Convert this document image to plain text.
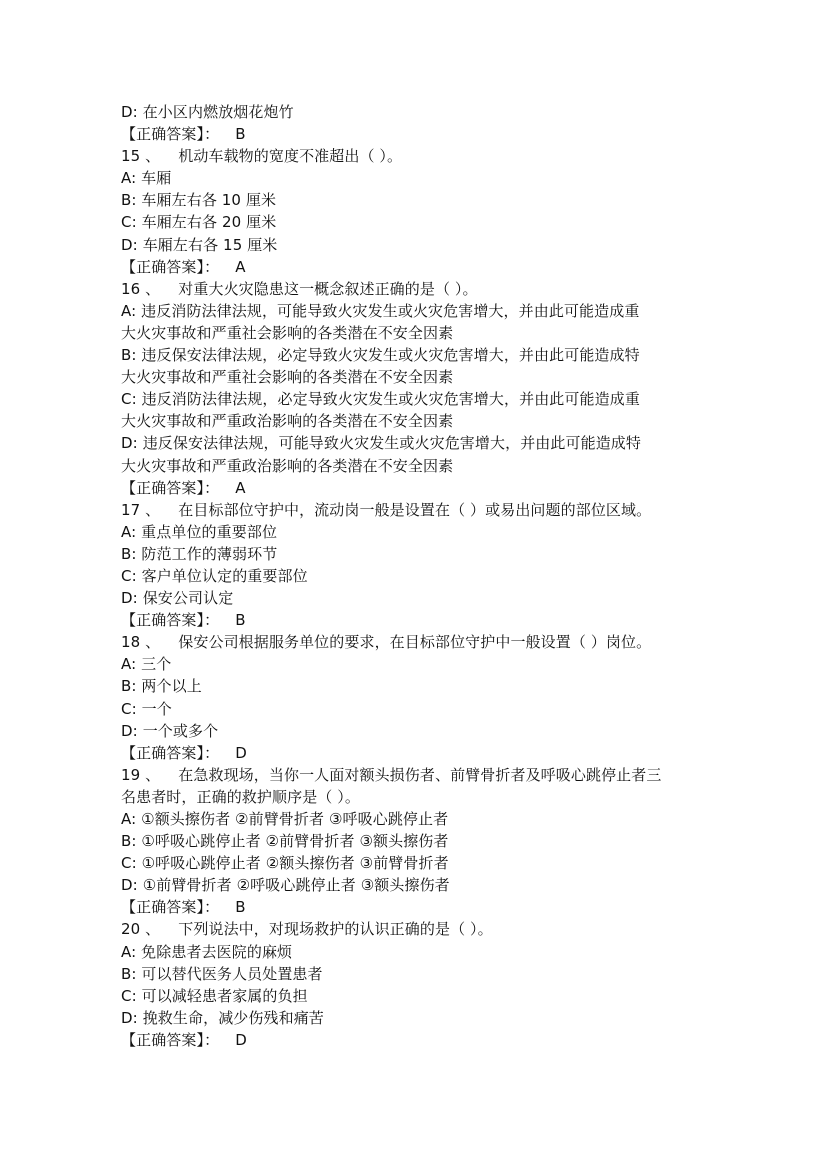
D: 在小区内燃放烟花炮竹
【正确答案】： B
15 、 机动车载物的宽度不准超出（ ）。
A: 车厢
B: 车厢左右各 10 厘米
C: 车厢左右各 20 厘米
D: 车厢左右各 15 厘米
【正确答案】： A
16 、 对重大火灾隐患这一概念叙述正确的是（ ）。
A: 违反消防法律法规，可能导致火灾发生或火灾危害增大，并由此可能造成重
大火灾事故和严重社会影响的各类潜在不安全因素
B: 违反保安法律法规，必定导致火灾发生或火灾危害增大，并由此可能造成特
大火灾事故和严重社会影响的各类潜在不安全因素
C: 违反消防法律法规，必定导致火灾发生或火灾危害增大，并由此可能造成重
大火灾事故和严重政治影响的各类潜在不安全因素
D: 违反保安法律法规，可能导致火灾发生或火灾危害增大，并由此可能造成特
大火灾事故和严重政治影响的各类潜在不安全因素
【正确答案】： A
17 、 在目标部位守护中，流动岗一般是设置在（ ）或易出问题的部位区域。
A: 重点单位的重要部位
B: 防范工作的薄弱环节
C: 客户单位认定的重要部位
D: 保安公司认定
【正确答案】： B
18 、 保安公司根据服务单位的要求，在目标部位守护中一般设置（ ）岗位。
A: 三个
B: 两个以上
C: 一个
D: 一个或多个
【正确答案】： D
19 、 在急救现场，当你一人面对额头损伤者、前臂骨折者及呼吸心跳停止者三
名患者时，正确的救护顺序是（ ）。
A: ①额头擦伤者 ②前臂骨折者 ③呼吸心跳停止者
B: ①呼吸心跳停止者 ②前臂骨折者 ③额头擦伤者
C: ①呼吸心跳停止者 ②额头擦伤者 ③前臂骨折者
D: ①前臂骨折者 ②呼吸心跳停止者 ③额头擦伤者
【正确答案】： B
20 、 下列说法中，对现场救护的认识正确的是（ ）。
A: 免除患者去医院的麻烦
B: 可以替代医务人员处置患者
C: 可以减轻患者家属的负担
D: 挽救生命，减少伤残和痛苦
【正确答案】： D
